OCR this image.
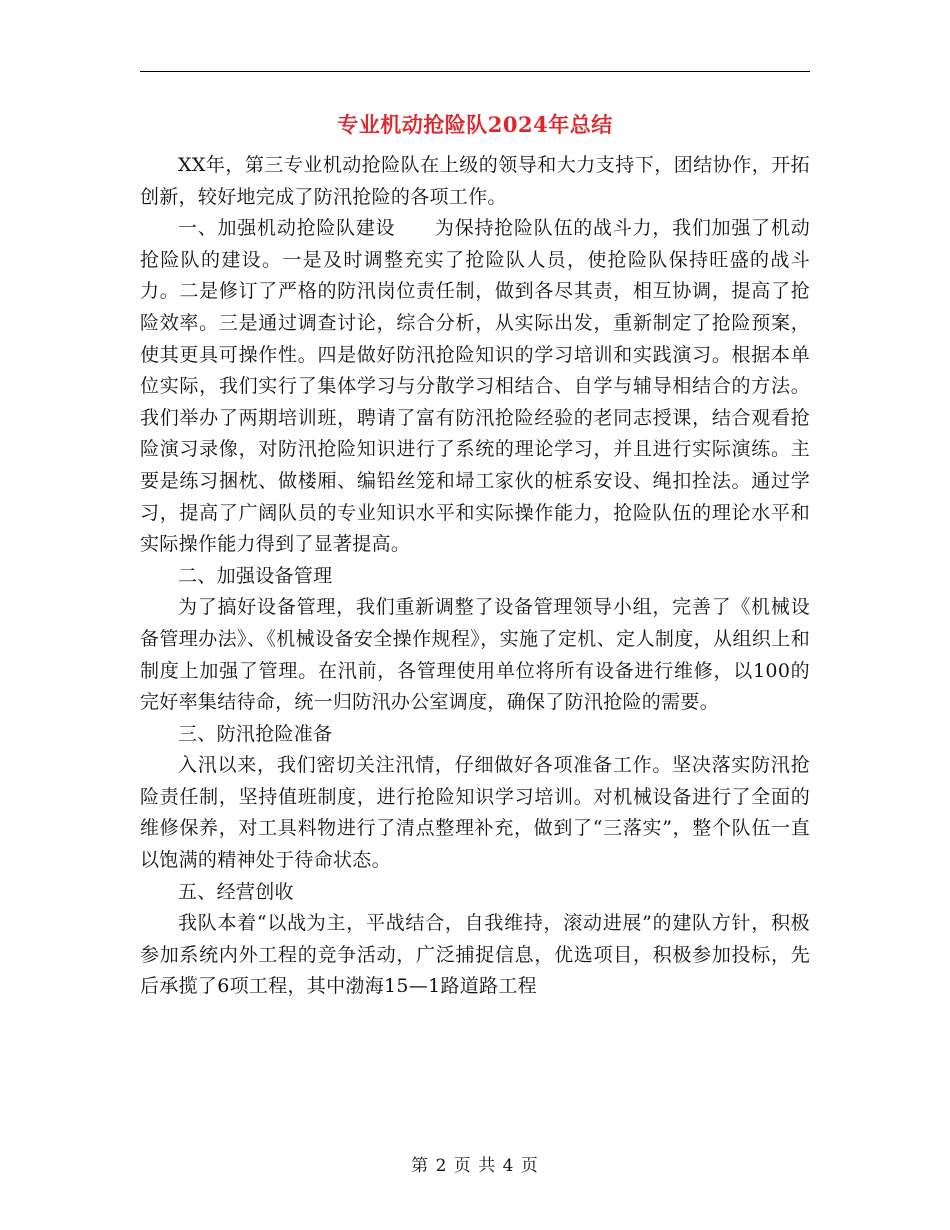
专业机动抢险队2024年总结

XX年，第三专业机动抢险队在上级的领导和大力支持下，团结协作，开拓创新，较好地完成了防汛抢险的各项工作。

一、加强机动抢险队建设　　为保持抢险队伍的战斗力，我们加强了机动抢险队的建设。一是及时调整充实了抢险队人员，使抢险队保持旺盛的战斗力。二是修订了严格的防汛岗位责任制，做到各尽其责，相互协调，提高了抢险效率。三是通过调查讨论，综合分析，从实际出发，重新制定了抢险预案，使其更具可操作性。四是做好防汛抢险知识的学习培训和实践演习。根据本单位实际，我们实行了集体学习与分散学习相结合、自学与辅导相结合的方法。我们举办了两期培训班，聘请了富有防汛抢险经验的老同志授课，结合观看抢险演习录像，对防汛抢险知识进行了系统的理论学习，并且进行实际演练。主要是练习捆枕、做楼厢、编铅丝笼和埽工家伙的桩系安设、绳扣拴法。通过学习，提高了广阔队员的专业知识水平和实际操作能力，抢险队伍的理论水平和实际操作能力得到了显著提高。

二、加强设备管理

为了搞好设备管理，我们重新调整了设备管理领导小组，完善了《机械设备管理办法》、《机械设备安全操作规程》，实施了定机、定人制度，从组织上和制度上加强了管理。在汛前，各管理使用单位将所有设备进行维修，以100的完好率集结待命，统一归防汛办公室调度，确保了防汛抢险的需要。

三、防汛抢险准备

入汛以来，我们密切关注汛情，仔细做好各项准备工作。坚决落实防汛抢险责任制，坚持值班制度，进行抢险知识学习培训。对机械设备进行了全面的维修保养，对工具料物进行了清点整理补充，做到了“三落实”，整个队伍一直以饱满的精神处于待命状态。

五、经营创收

我队本着“以战为主，平战结合，自我维持，滚动进展”的建队方针，积极参加系统内外工程的竞争活动，广泛捕捉信息，优选项目，积极参加投标，先后承揽了6项工程，其中渤海15—1路道路工程

第 2 页 共 4 页
